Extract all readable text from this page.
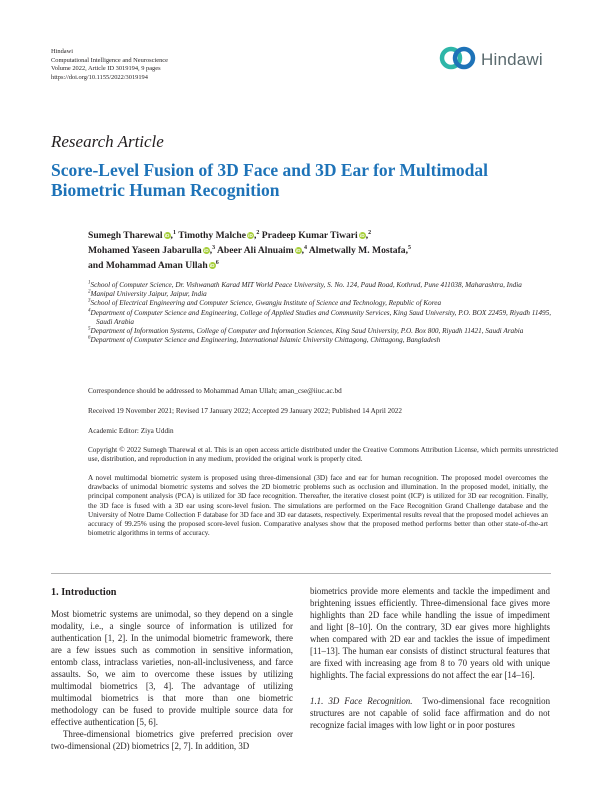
Hindawi
Computational Intelligence and Neuroscience
Volume 2022, Article ID 3019194, 9 pages
https://doi.org/10.1155/2022/3019194
Hindawi
Research Article
Score-Level Fusion of 3D Face and 3D Ear for Multimodal Biometric Human Recognition
Sumegh Tharewal iD,$^1$ Timothy Malche iD,$^2$ Pradeep Kumar Tiwari iD,$^2$
Mohamed Yaseen Jabarulla iD,$^3$ Abeer Ali Alnuaim iD,$^4$ Almetwally M. Mostafa,$^5$
and Mohammad Aman Ullah $iD^6$
$^1$School of Computer Science, Dr. Vishwanath Karad MIT World Peace University, S. No. 124, Paud Road, Kothrud, Pune 411038, Maharashtra, India
$^2$Manipal University Jaipur, Jaipur, India
$^3$School of Electrical Engineering and Computer Science, Gwangju Institute of Science and Technology, Republic of Korea
$^4$Department of Computer Science and Engineering, College of Applied Studies and Community Services, King Saud University, P.O. BOX 22459, Riyadh 11495, Saudi Arabia
$^5$Department of Information Systems, College of Computer and Information Sciences, King Saud University, P.O. Box 800, Riyadh 11421, Saudi Arabia
$^6$Department of Computer Science and Engineering, International Islamic University Chittagong, Chittagong, Bangladesh
Correspondence should be addressed to Mohammad Aman Ullah; aman_cse@iiuc.ac.bd
Received 19 November 2021; Revised 17 January 2022; Accepted 29 January 2022; Published 14 April 2022
Academic Editor: Ziya Uddin
Copyright © 2022 Sumegh Tharewal et al. This is an open access article distributed under the Creative Commons Attribution License, which permits unrestricted use, distribution, and reproduction in any medium, provided the original work is properly cited.
A novel multimodal biometric system is proposed using three-dimensional (3D) face and ear for human recognition. The proposed model overcomes the drawbacks of unimodal biometric systems and solves the 2D biometric problems such as occlusion and illumination. In the proposed model, initially, the principal component analysis (PCA) is utilized for 3D face recognition. Thereafter, the iterative closest point (ICP) is utilized for 3D ear recognition. Finally, the 3D face is fused with a 3D ear using score-level fusion. The simulations are performed on the Face Recognition Grand Challenge database and the University of Notre Dame Collection F database for 3D face and 3D ear datasets, respectively. Experimental results reveal that the proposed model achieves an accuracy of 99.25% using the proposed score-level fusion. Comparative analyses show that the proposed method performs better than other state-of-the-art biometric algorithms in terms of accuracy.
1. Introduction

Most biometric systems are unimodal, so they depend on a single modality, i.e., a single source of information is utilized for authentication [1, 2]. In the unimodal biometric framework, there are a few issues such as commotion in sensitive information, entomb class, intraclass varieties, non-all-inclusiveness, and farce assaults. So, we aim to overcome these issues by utilizing multimodal biometrics [3, 4]. The advantage of utilizing multimodal biometrics is that more than one biometric methodology can be fused to provide multiple source data for effective authentication [5, 6].

Three-dimensional biometrics give preferred precision over two-dimensional (2D) biometrics [2, 7]. In addition, 3D

biometrics provide more elements and tackle the impediment and brightening issues efficiently. Three-dimensional face gives more highlights than 2D face while handling the issue of impediment and light [8–10]. On the contrary, 3D ear gives more highlights when compared with 2D ear and tackles the issue of impediment [11–13]. The human ear consists of distinct structural features that are fixed with increasing age from 8 to 70 years old with unique highlights. The facial expressions do not affect the ear [14–16].

1.1. 3D Face Recognition. Two-dimensional face recognition structures are not capable of solid face affirmation and do not recognize facial images with low light or in poor postures
